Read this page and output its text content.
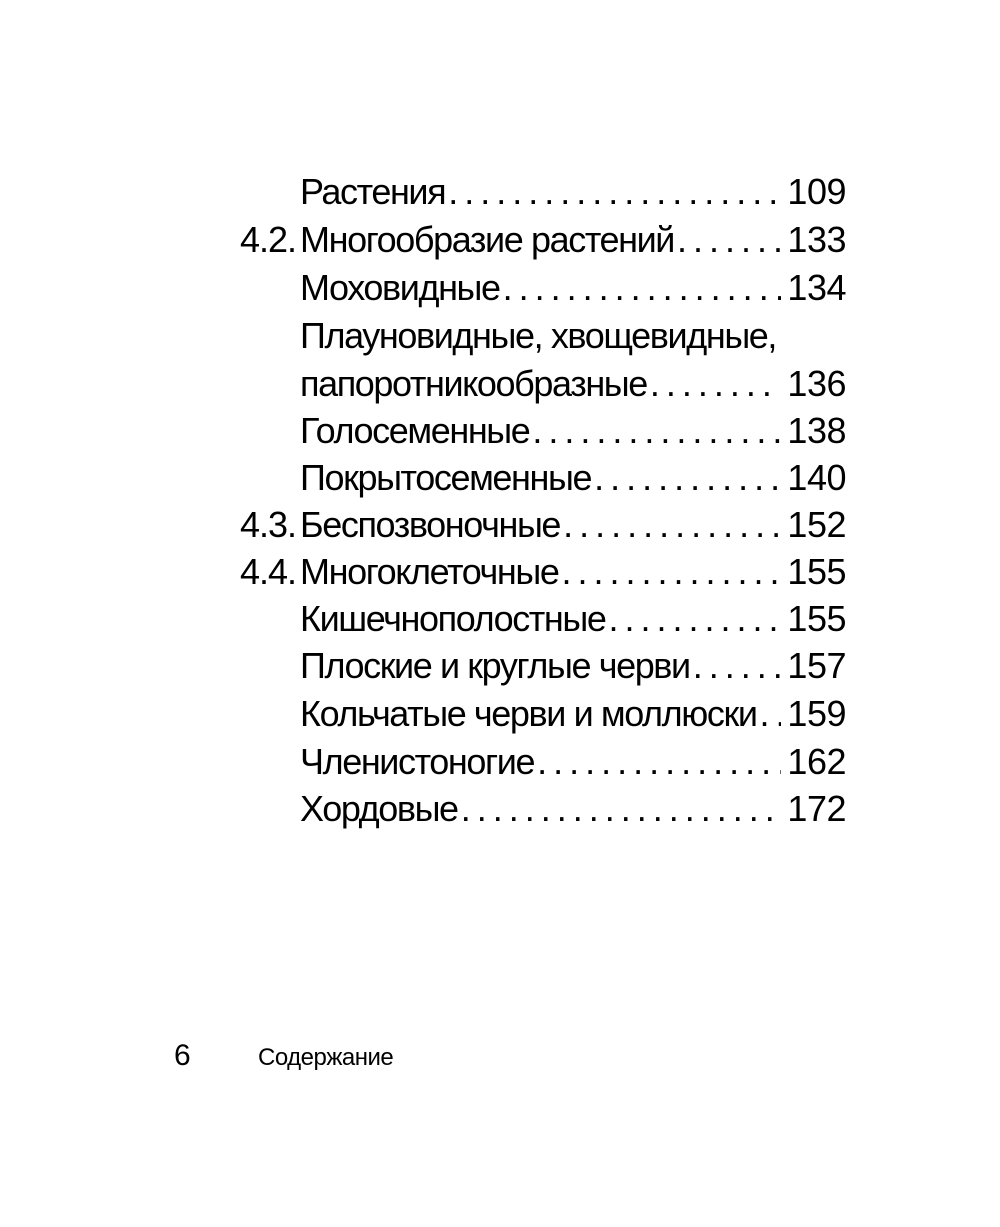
Растения .....	109
4.2. Многообразие растений .....	133
Моховидные .....	134
Плауновидные, хвощевидные,
папоротникообразные .....	136
Голосеменные .....	138
Покрытосеменные .....	140
4.3. Беспозвоночные .....	152
4.4. Многоклеточные .....	155
Кишечнополостные .....	155
Плоские и круглые черви .....	157
Кольчатые черви и моллюски ..... 159
Членистоногие .....	162
Хордовые .....	172
6	Содержание
